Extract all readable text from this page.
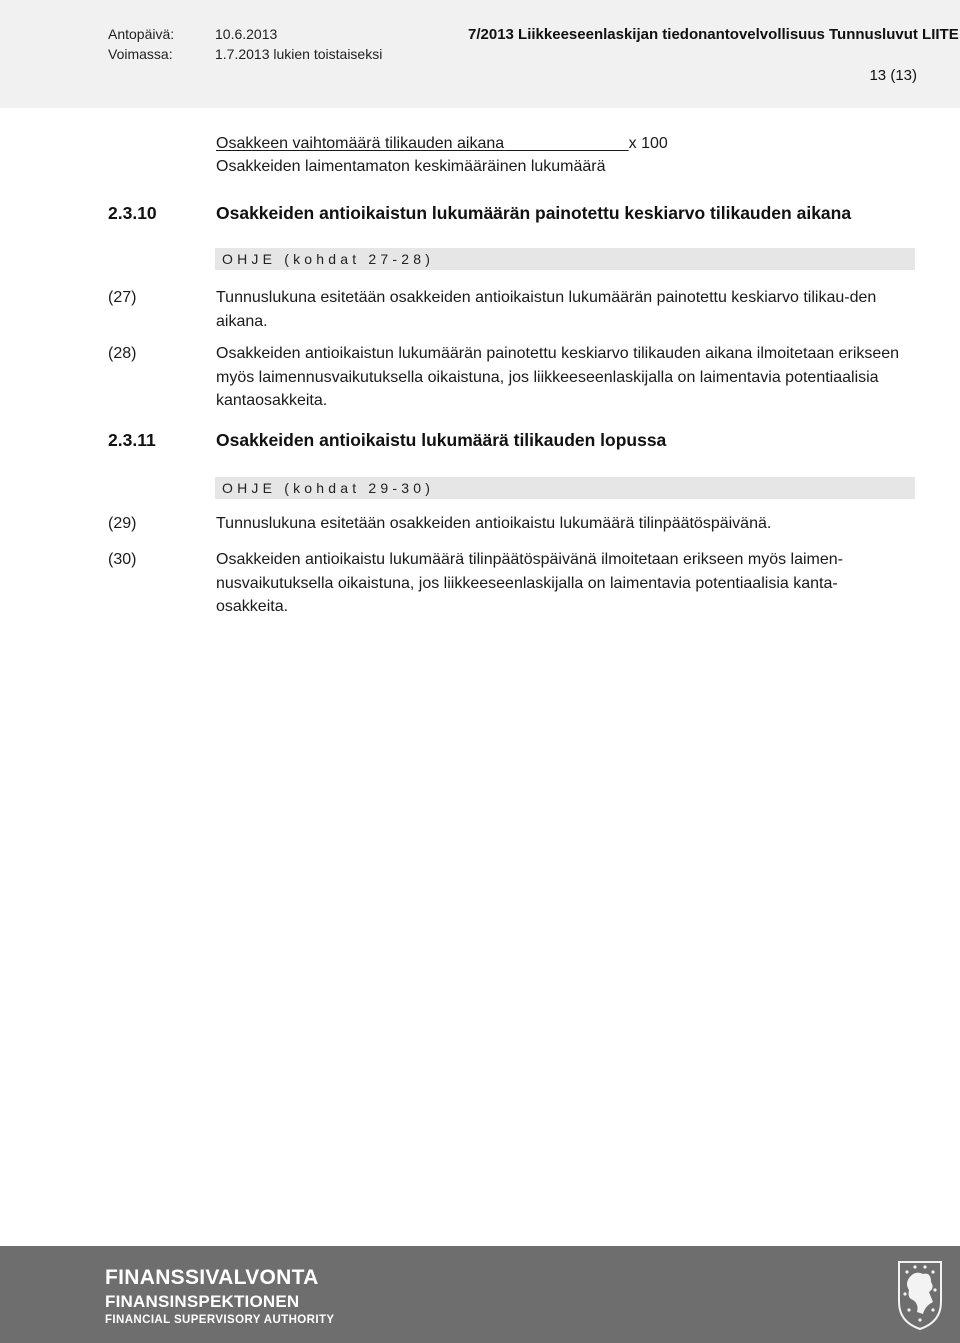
Antopäivä:	10.6.2013
Voimassa:	1.7.2013 lukien toistaiseksi
7/2013 Liikkeeseenlaskijan tiedonantovelvollisuus Tunnusluvut LIITE
13 (13)
Osakkeen vaihtomäärä tilikauden aikana	x 100
Osakkeiden laimentamaton keskimääräinen lukumäärä
2.3.10	Osakkeiden antioikaistun lukumäärän painotettu keskiarvo tilikauden aikana
OHJE (kohdat 27-28)
(27)	Tunnuslukuna esitetään osakkeiden antioikaistun lukumäärän painotettu keskiarvo tilikau-den aikana.
(28)	Osakkeiden antioikaistun lukumäärän painotettu keskiarvo tilikauden aikana ilmoitetaan erikseen myös laimennusvaikutuksella oikaistuna, jos liikkeeseenlaskijalla on laimentavia potentiaalisia kantaosakkeita.
2.3.11	Osakkeiden antioikaistu lukumäärä tilikauden lopussa
OHJE (kohdat 29-30)
(29)	Tunnuslukuna esitetään osakkeiden antioikaistu lukumäärä tilinpäätöspäivänä.
(30)	Osakkeiden antioikaistu lukumäärä tilinpäätöspäivänä ilmoitetaan erikseen myös laimen-nusvaikutuksella oikaistuna, jos liikkeeseenlaskijalla on laimentavia potentiaalisia kanta-osakkeita.
FINANSSIVALVONTA
FINANSINSPEKTIONEN
FINANCIAL SUPERVISORY AUTHORITY
